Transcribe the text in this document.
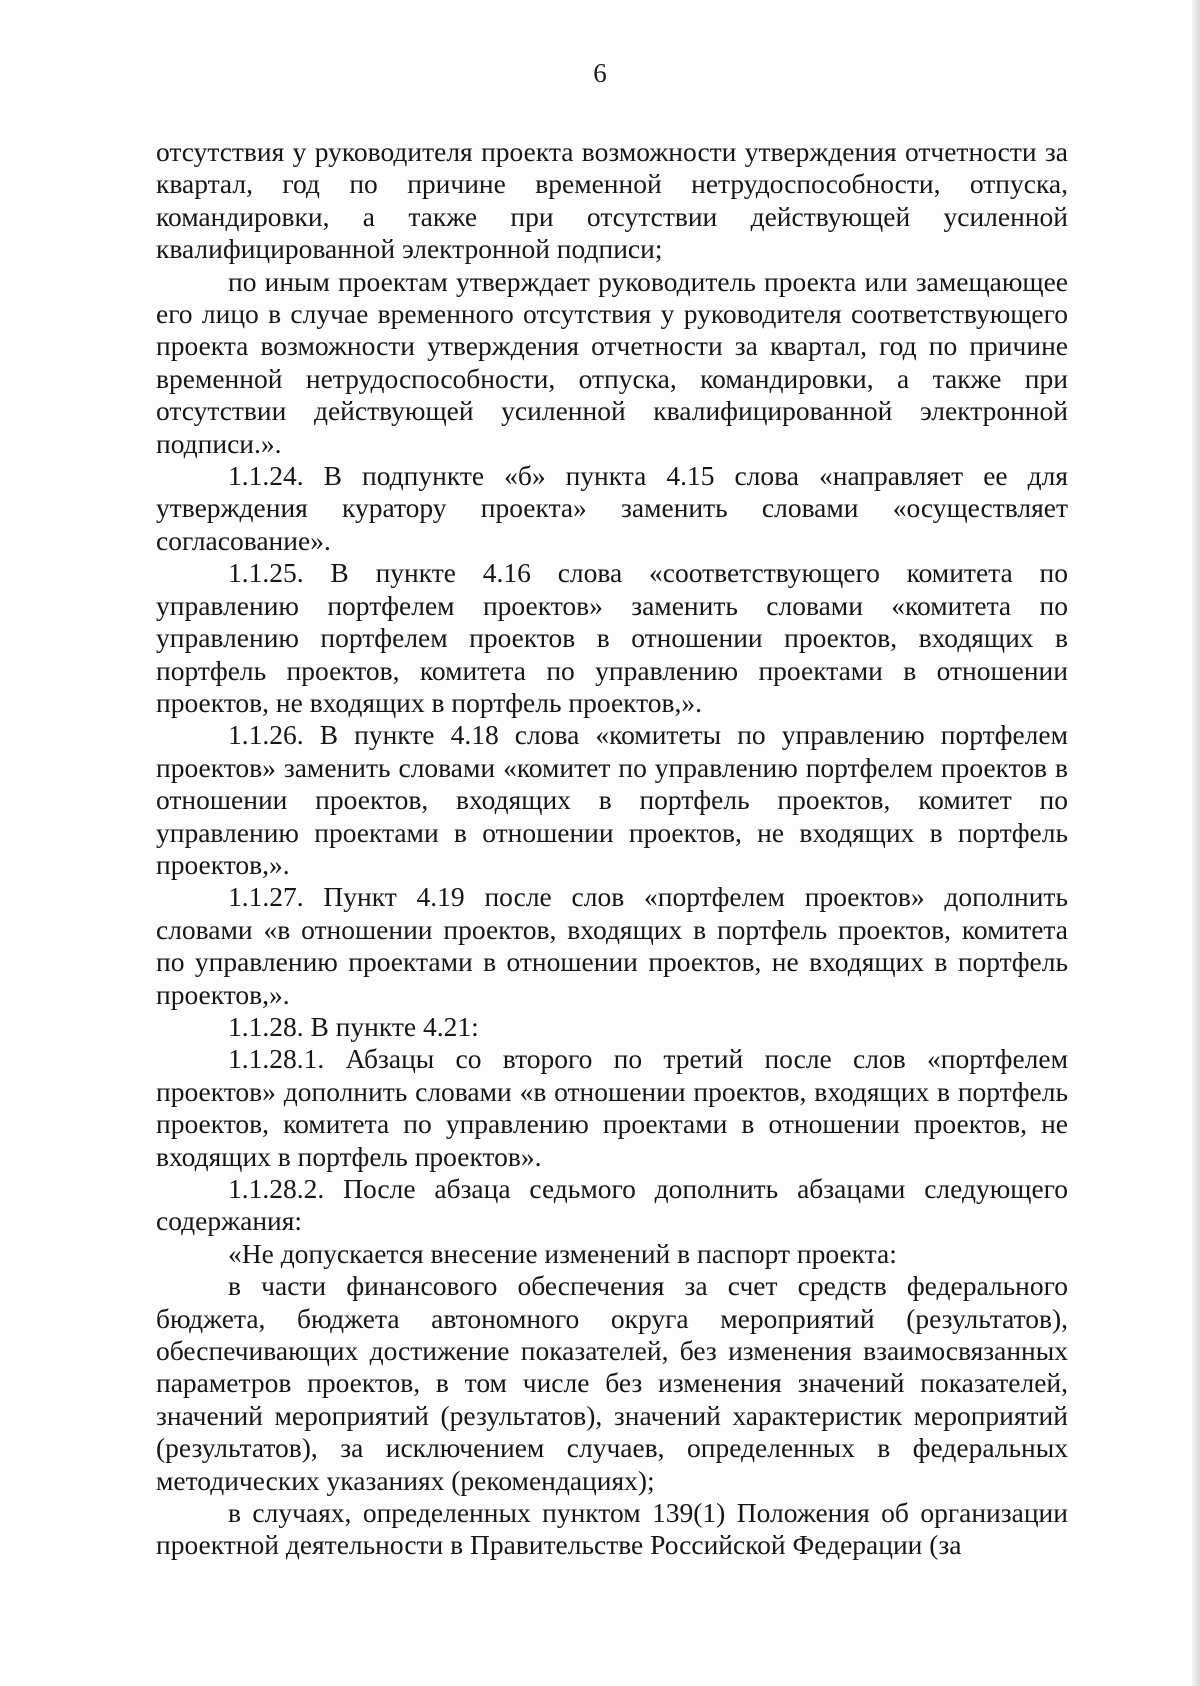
6

отсутствия у руководителя проекта возможности утверждения отчетности за квартал, год по причине временной нетрудоспособности, отпуска, командировки, а также при отсутствии действующей усиленной квалифицированной электронной подписи;

по иным проектам утверждает руководитель проекта или замещающее его лицо в случае временного отсутствия у руководителя соответствующего проекта возможности утверждения отчетности за квартал, год по причине временной нетрудоспособности, отпуска, командировки, а также при отсутствии действующей усиленной квалифицированной электронной подписи.».

1.1.24. В подпункте «б» пункта 4.15 слова «направляет ее для утверждения куратору проекта» заменить словами «осуществляет согласование».

1.1.25. В пункте 4.16 слова «соответствующего комитета по управлению портфелем проектов» заменить словами «комитета по управлению портфелем проектов в отношении проектов, входящих в портфель проектов, комитета по управлению проектами в отношении проектов, не входящих в портфель проектов,».

1.1.26. В пункте 4.18 слова «комитеты по управлению портфелем проектов» заменить словами «комитет по управлению портфелем проектов в отношении проектов, входящих в портфель проектов, комитет по управлению проектами в отношении проектов, не входящих в портфель проектов,».

1.1.27. Пункт 4.19 после слов «портфелем проектов» дополнить словами «в отношении проектов, входящих в портфель проектов, комитета по управлению проектами в отношении проектов, не входящих в портфель проектов,».

1.1.28. В пункте 4.21:

1.1.28.1. Абзацы со второго по третий после слов «портфелем проектов» дополнить словами «в отношении проектов, входящих в портфель проектов, комитета по управлению проектами в отношении проектов, не входящих в портфель проектов».

1.1.28.2. После абзаца седьмого дополнить абзацами следующего содержания:

«Не допускается внесение изменений в паспорт проекта:

в части финансового обеспечения за счет средств федерального бюджета, бюджета автономного округа мероприятий (результатов), обеспечивающих достижение показателей, без изменения взаимосвязанных параметров проектов, в том числе без изменения значений показателей, значений мероприятий (результатов), значений характеристик мероприятий (результатов), за исключением случаев, определенных в федеральных методических указаниях (рекомендациях);

в случаях, определенных пунктом 139(1) Положения об организации проектной деятельности в Правительстве Российской Федерации (за
